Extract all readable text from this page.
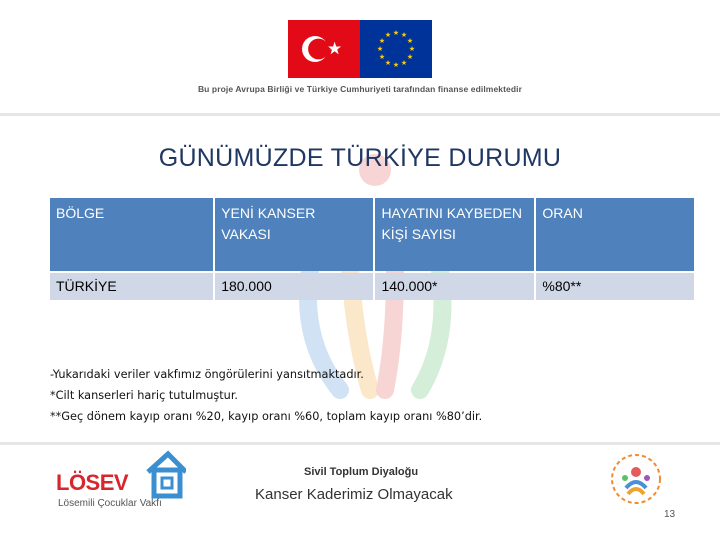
★ ★
★
★
★
★
★
★
★
★
★
★
Bu proje Avrupa Birliği ve Türkiye Cumhuriyeti tarafından finanse edilmektedir
GÜNÜMÜZDE TÜRKİYE DURUMU
BÖLGE	YENİ KANSER VAKASI	HAYATINI KAYBEDEN KİŞİ SAYISI	ORAN
TÜRKİYE	180.000	140.000*	%80**
-Yukarıdaki veriler vakfımız öngörülerini yansıtmaktadır.
*Cilt kanserleri hariç tutulmuştur.
**Geç dönem kayıp oranı %20, kayıp oranı %60, toplam kayıp oranı %80’dir.
LÖSEV
Lösemili Çocuklar Vakfı
Sivil Toplum Diyaloğu
Kanser Kaderimiz Olmayacak
13
